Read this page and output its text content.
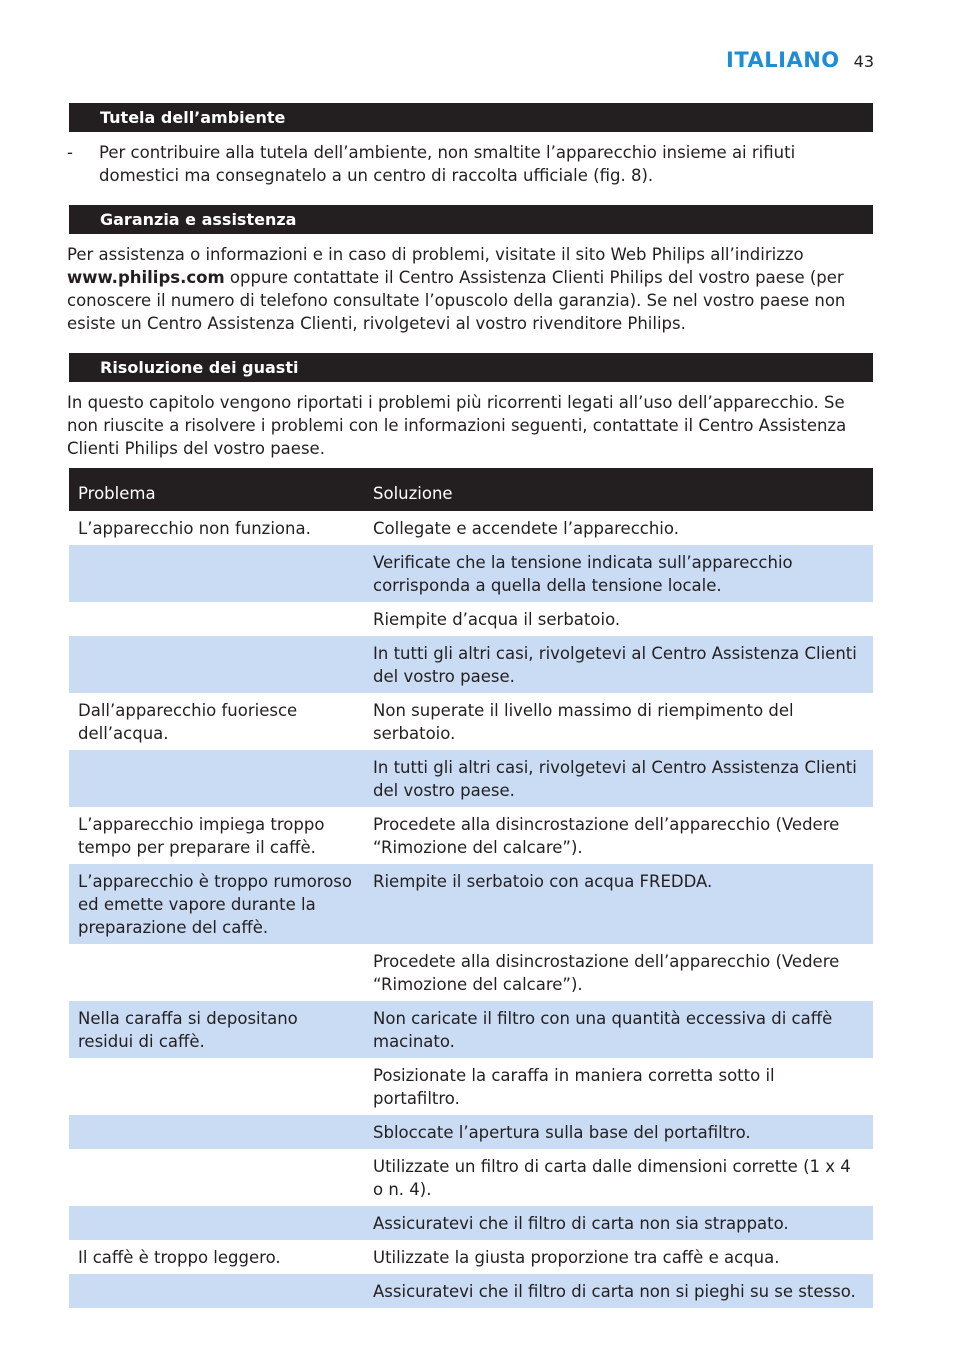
ITALIANO 43
Tutela dell’ambiente
- Per contribuire alla tutela dell’ambiente, non smaltite l’apparecchio insieme ai rifiuti domestici ma consegnatelo a un centro di raccolta ufficiale (fig. 8).
Garanzia e assistenza
Per assistenza o informazioni e in caso di problemi, visitate il sito Web Philips all’indirizzo www.philips.com oppure contattate il Centro Assistenza Clienti Philips del vostro paese (per conoscere il numero di telefono consultate l’opuscolo della garanzia). Se nel vostro paese non esiste un Centro Assistenza Clienti, rivolgetevi al vostro rivenditore Philips.
Risoluzione dei guasti
In questo capitolo vengono riportati i problemi più ricorrenti legati all’uso dell’apparecchio. Se non riuscite a risolvere i problemi con le informazioni seguenti, contattate il Centro Assistenza Clienti Philips del vostro paese.
Problema	Soluzione
L’apparecchio non funziona.	Collegate e accendete l’apparecchio.
	Verificate che la tensione indicata sull’apparecchio corrisponda a quella della tensione locale.
	Riempite d’acqua il serbatoio.
	In tutti gli altri casi, rivolgetevi al Centro Assistenza Clienti del vostro paese.
Dall’apparecchio fuoriesce dell’acqua.	Non superate il livello massimo di riempimento del serbatoio.
	In tutti gli altri casi, rivolgetevi al Centro Assistenza Clienti del vostro paese.
L’apparecchio impiega troppo tempo per preparare il caffè.	Procedete alla disincrostazione dell’apparecchio (Vedere “Rimozione del calcare”).
L’apparecchio è troppo rumoroso ed emette vapore durante la preparazione del caffè.	Riempite il serbatoio con acqua FREDDA.
	Procedete alla disincrostazione dell’apparecchio (Vedere “Rimozione del calcare”).
Nella caraffa si depositano residui di caffè.	Non caricate il filtro con una quantità eccessiva di caffè macinato.
	Posizionate la caraffa in maniera corretta sotto il portafiltro.
	Sbloccate l’apertura sulla base del portafiltro.
	Utilizzate un filtro di carta dalle dimensioni corrette (1 x 4 o n. 4).
	Assicuratevi che il filtro di carta non sia strappato.
Il caffè è troppo leggero.	Utilizzate la giusta proporzione tra caffè e acqua.
	Assicuratevi che il filtro di carta non si pieghi su se stesso.
